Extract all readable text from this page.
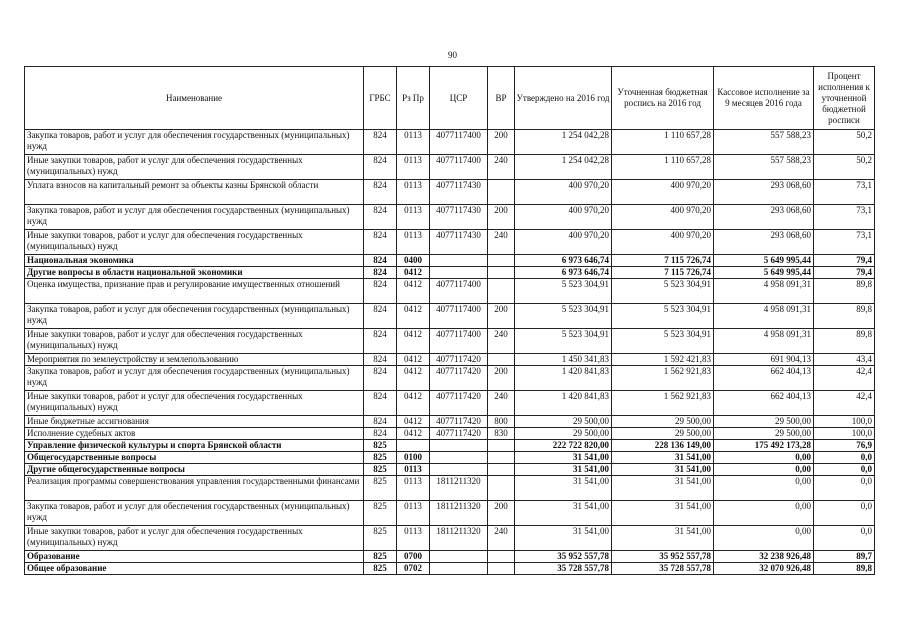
90
Наименование	ГРБС	Рз Пр	ЦСР	ВР	Утверждено на 2016 год	Уточненная бюджетная роспись на 2016 год	Кассовое исполнение за 9 месяцев 2016 года	Процент исполнения к уточненной бюджетной росписи
Закупка товаров, работ и услуг для обеспечения государственных (муниципальных) нужд	824	0113	4077117400	200	1 254 042,28	1 110 657,28	557 588,23	50,2
Иные закупки товаров, работ и услуг для обеспечения государственных (муниципальных) нужд	824	0113	4077117400	240	1 254 042,28	1 110 657,28	557 588,23	50,2
Уплата взносов на капитальный ремонт за объекты казны Брянской области	824	0113	4077117430		400 970,20	400 970,20	293 068,60	73,1
Закупка товаров, работ и услуг для обеспечения государственных (муниципальных) нужд	824	0113	4077117430	200	400 970,20	400 970,20	293 068,60	73,1
Иные закупки товаров, работ и услуг для обеспечения государственных (муниципальных) нужд	824	0113	4077117430	240	400 970,20	400 970,20	293 068,60	73,1
Национальная экономика	824	0400			6 973 646,74	7 115 726,74	5 649 995,44	79,4
Другие вопросы в области национальной экономики	824	0412			6 973 646,74	7 115 726,74	5 649 995,44	79,4
Оценка имущества, признание прав и регулирование имущественных отношений	824	0412	4077117400		5 523 304,91	5 523 304,91	4 958 091,31	89,8
Закупка товаров, работ и услуг для обеспечения государственных (муниципальных) нужд	824	0412	4077117400	200	5 523 304,91	5 523 304,91	4 958 091,31	89,8
Иные закупки товаров, работ и услуг для обеспечения государственных (муниципальных) нужд	824	0412	4077117400	240	5 523 304,91	5 523 304,91	4 958 091,31	89,8
Мероприятия по землеустройству и землепользованию	824	0412	4077117420		1 450 341,83	1 592 421,83	691 904,13	43,4
Закупка товаров, работ и услуг для обеспечения государственных (муниципальных) нужд	824	0412	4077117420	200	1 420 841,83	1 562 921,83	662 404,13	42,4
Иные закупки товаров, работ и услуг для обеспечения государственных (муниципальных) нужд	824	0412	4077117420	240	1 420 841,83	1 562 921,83	662 404,13	42,4
Иные бюджетные ассигнования	824	0412	4077117420	800	29 500,00	29 500,00	29 500,00	100,0
Исполнение судебных актов	824	0412	4077117420	830	29 500,00	29 500,00	29 500,00	100,0
Управление физической культуры и спорта Брянской области	825				222 722 820,00	228 136 149,00	175 492 173,28	76,9
Общегосударственные вопросы	825	0100			31 541,00	31 541,00	0,00	0,0
Другие общегосударственные вопросы	825	0113			31 541,00	31 541,00	0,00	0,0
Реализация программы совершенствования управления государственными финансами	825	0113	1811211320		31 541,00	31 541,00	0,00	0,0
Закупка товаров, работ и услуг для обеспечения государственных (муниципальных) нужд	825	0113	1811211320	200	31 541,00	31 541,00	0,00	0,0
Иные закупки товаров, работ и услуг для обеспечения государственных (муниципальных) нужд	825	0113	1811211320	240	31 541,00	31 541,00	0,00	0,0
Образование	825	0700			35 952 557,78	35 952 557,78	32 238 926,48	89,7
Общее образование	825	0702			35 728 557,78	35 728 557,78	32 070 926,48	89,8
